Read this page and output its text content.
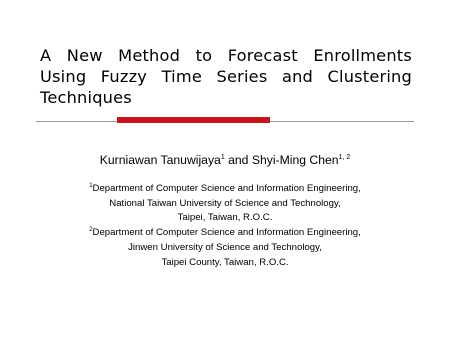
A New Method to Forecast Enrollments
Using Fuzzy Time Series and Clustering
Techniques
Kurniawan Tanuwijaya$^1$ and Shyi-Ming Chen$^{1, 2}$
$^1$Department of Computer Science and Information Engineering,
National Taiwan University of Science and Technology,
Taipei, Taiwan, R.O.C.
$^2$Department of Computer Science and Information Engineering,
Jinwen University of Science and Technology,
Taipei County, Taiwan, R.O.C.
